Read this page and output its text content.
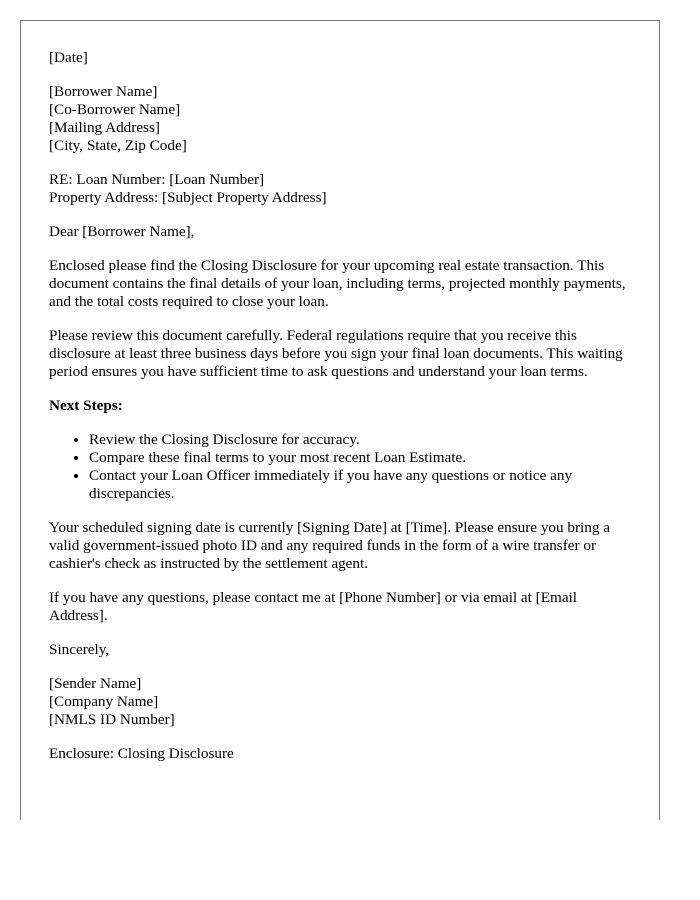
[Date]

[Borrower Name]
[Co-Borrower Name]
[Mailing Address]
[City, State, Zip Code]

RE: Loan Number: [Loan Number]
Property Address: [Subject Property Address]

Dear [Borrower Name],

Enclosed please find the Closing Disclosure for your upcoming real estate transaction. This document contains the final details of your loan, including terms, projected monthly payments, and the total costs required to close your loan.

Please review this document carefully. Federal regulations require that you receive this disclosure at least three business days before you sign your final loan documents. This waiting period ensures you have sufficient time to ask questions and understand your loan terms.

Next Steps:

• Review the Closing Disclosure for accuracy.
• Compare these final terms to your most recent Loan Estimate.
• Contact your Loan Officer immediately if you have any questions or notice any discrepancies.

Your scheduled signing date is currently [Signing Date] at [Time]. Please ensure you bring a valid government-issued photo ID and any required funds in the form of a wire transfer or cashier's check as instructed by the settlement agent.

If you have any questions, please contact me at [Phone Number] or via email at [Email Address].

Sincerely,

[Sender Name]
[Company Name]
[NMLS ID Number]

Enclosure: Closing Disclosure
